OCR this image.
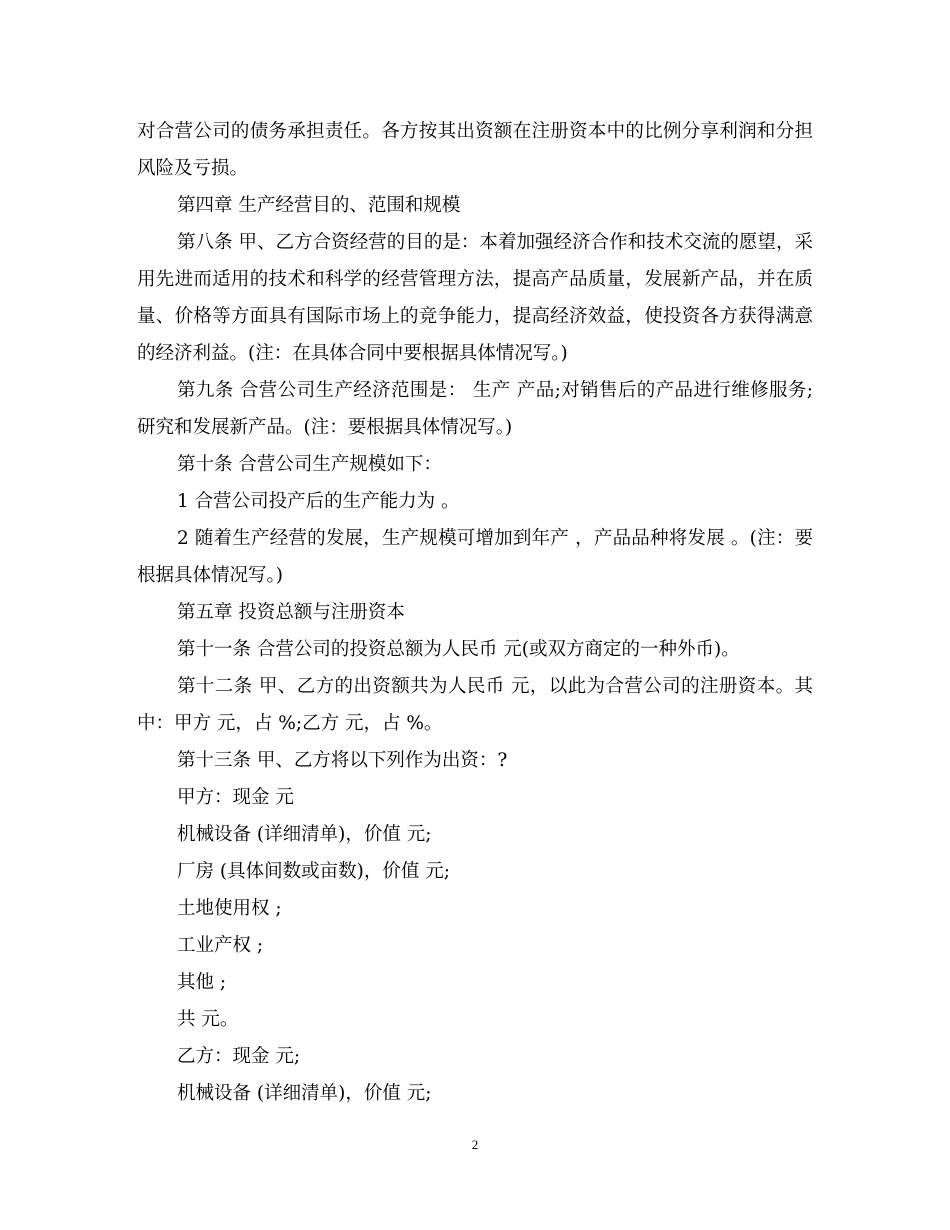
对合营公司的债务承担责任。各方按其出资额在注册资本中的比例分享利润和分担风险及亏损。

第四章 生产经营目的、范围和规模

第八条 甲、乙方合资经营的目的是：本着加强经济合作和技术交流的愿望，采用先进而适用的技术和科学的经营管理方法，提高产品质量，发展新产品，并在质量、价格等方面具有国际市场上的竞争能力，提高经济效益，使投资各方获得满意的经济利益。(注：在具体合同中要根据具体情况写。)

第九条 合营公司生产经济范围是： 生产 产品;对销售后的产品进行维修服务;研究和发展新产品。(注：要根据具体情况写。)

第十条 合营公司生产规模如下：

1 合营公司投产后的生产能力为 。

2 随着生产经营的发展，生产规模可增加到年产 ，产品品种将发展 。(注：要根据具体情况写。)

第五章 投资总额与注册资本

第十一条 合营公司的投资总额为人民币 元(或双方商定的一种外币)。

第十二条 甲、乙方的出资额共为人民币 元，以此为合营公司的注册资本。其中：甲方 元，占 %;乙方 元，占 %。

第十三条 甲、乙方将以下列作为出资：?

甲方：现金 元

机械设备 (详细清单)，价值 元;

厂房 (具体间数或亩数)，价值 元;

土地使用权 ;

工业产权 ;

其他 ;

共 元。

乙方：现金 元;

机械设备 (详细清单)，价值 元;

2
